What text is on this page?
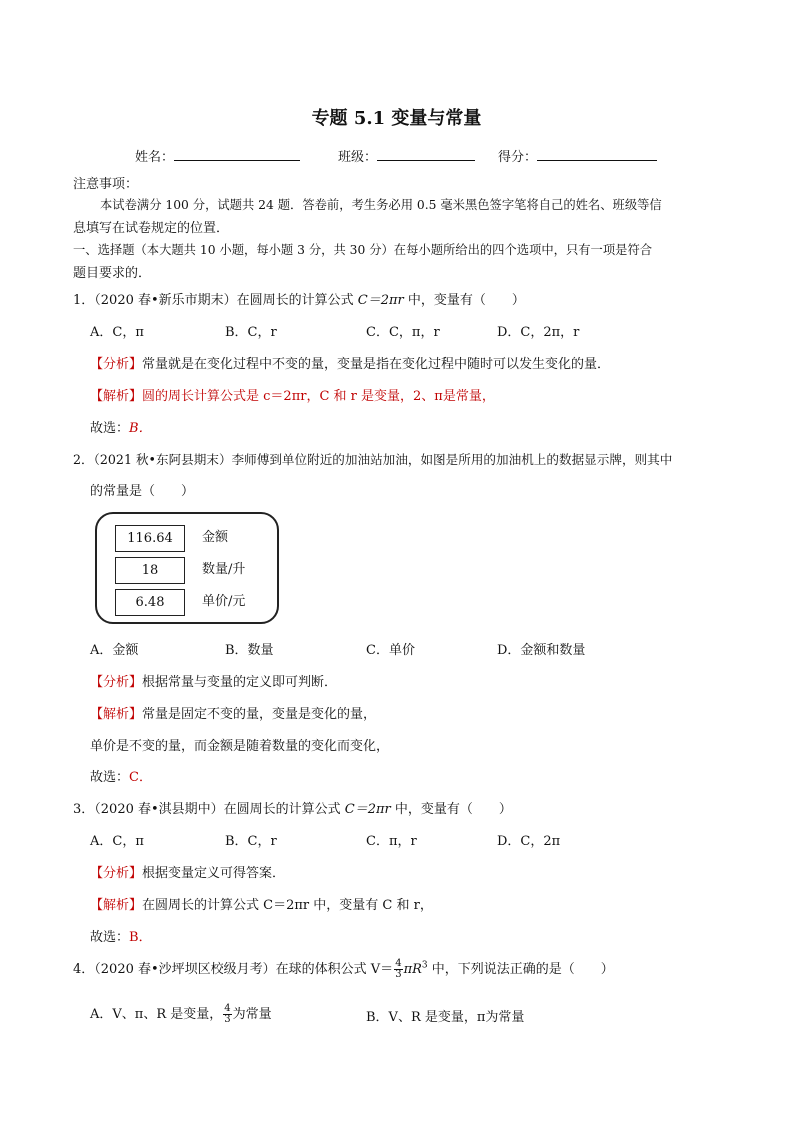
专题 5.1 变量与常量
姓名：	班级：	得分：
注意事项：
本试卷满分 100 分，试题共 24 题．答卷前，考生务必用 0.5 毫米黑色签字笔将自己的姓名、班级等信
息填写在试卷规定的位置．
一、选择题（本大题共 10 小题，每小题 3 分，共 30 分）在每小题所给出的四个选项中，只有一项是符合
题目要求的．
1．（2020 春•新乐市期末）在圆周长的计算公式 C＝2πr 中，变量有（　　）
A．C，π	B．C，r	C．C，π，r	D．C，2π，r
【分析】常量就是在变化过程中不变的量，变量是指在变化过程中随时可以发生变化的量．
【解析】圆的周长计算公式是 c＝2πr，C 和 r 是变量，2、π是常量，
故选：B．
2．（2021 秋•东阿县期末）李师傅到单位附近的加油站加油，如图是所用的加油机上的数据显示牌，则其中
的常量是（　　）
116.64	金额
18	数量/升
6.48	单价/元
A．金额	B．数量	C．单价	D．金额和数量
【分析】根据常量与变量的定义即可判断．
【解析】常量是固定不变的量，变量是变化的量，
单价是不变的量，而金额是随着数量的变化而变化，
故选：C．
3．（2020 春•淇县期中）在圆周长的计算公式 C＝2πr 中，变量有（　　）
A．C，π	B．C，r	C．π，r	D．C，2π
【分析】根据变量定义可得答案．
【解析】在圆周长的计算公式 C＝2πr 中，变量有 C 和 r，
故选：B．
4．（2020 春•沙坪坝区校级月考）在球的体积公式 $V= \frac{4}{3} \pi R^3$ 中，下列说法正确的是（　　）
A．V、π、R 是变量， $\frac{4}{3}$ 为常量	B．V、R 是变量，π为常量
